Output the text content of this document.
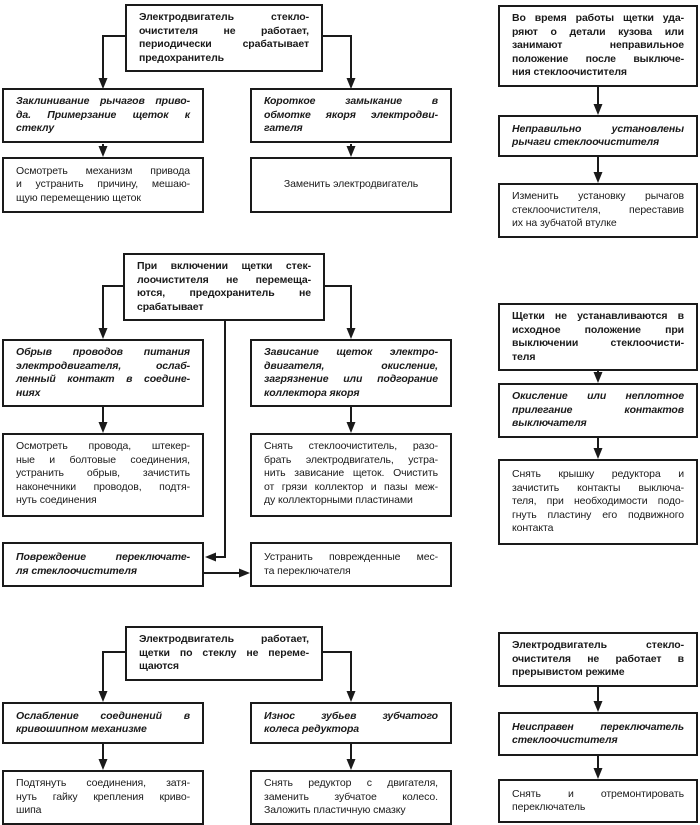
Электродвигатель стекло-
очистителя не работает,
периодически срабатывает
предохранитель
Заклинивание рычагов приво-
да. Примерзание щеток к
стеклу
Короткое замыкание в
обмотке якоря электродви-
гателя
Осмотреть механизм привода
и устранить причину, мешаю-
щую перемещению щеток
Заменить электродвигатель
Во время работы щетки уда-
ряют о детали кузова или
занимают неправильное
положение после выключе-
ния стеклоочистителя
Неправильно установлены
рычаги стеклоочистителя
Изменить установку рычагов
стеклоочистителя, переставив
их на зубчатой втулке
При включении щетки стек-
лоочистителя не перемеща-
ются, предохранитель не
срабатывает
Обрыв проводов питания
электродвигателя, ослаб-
ленный контакт в соедине-
ниях
Зависание щеток электро-
двигателя, окисление,
загрязнение или подгорание
коллектора якоря
Осмотреть провода, штекер-
ные и болтовые соединения,
устранить обрыв, зачистить
наконечники проводов, подтя-
нуть соединения
Снять стеклоочиститель, разо-
брать электродвигатель, устра-
нить зависание щеток. Очистить
от грязи коллектор и пазы меж-
ду коллекторными пластинами
Повреждение переключате-
ля стеклоочистителя
Устранить поврежденные мес-
та переключателя
Щетки не устанавливаются в
исходное положение при
выключении стеклоочисти-
теля
Окисление или неплотное
прилегание контактов
выключателя
Снять крышку редуктора и
зачистить контакты выключа-
теля, при необходимости подо-
гнуть пластину его подвижного
контакта
Электродвигатель работает,
щетки по стеклу не переме-
щаются
Ослабление соединений в
кривошипном механизме
Износ зубьев зубчатого
колеса редуктора
Подтянуть соединения, затя-
нуть гайку крепления криво-
шипа
Снять редуктор с двигателя,
заменить зубчатое колесо.
Заложить пластичную смазку
Электродвигатель стекло-
очистителя не работает в
прерывистом режиме
Неисправен переключатель
стеклоочистителя
Снять и отремонтировать
переключатель
